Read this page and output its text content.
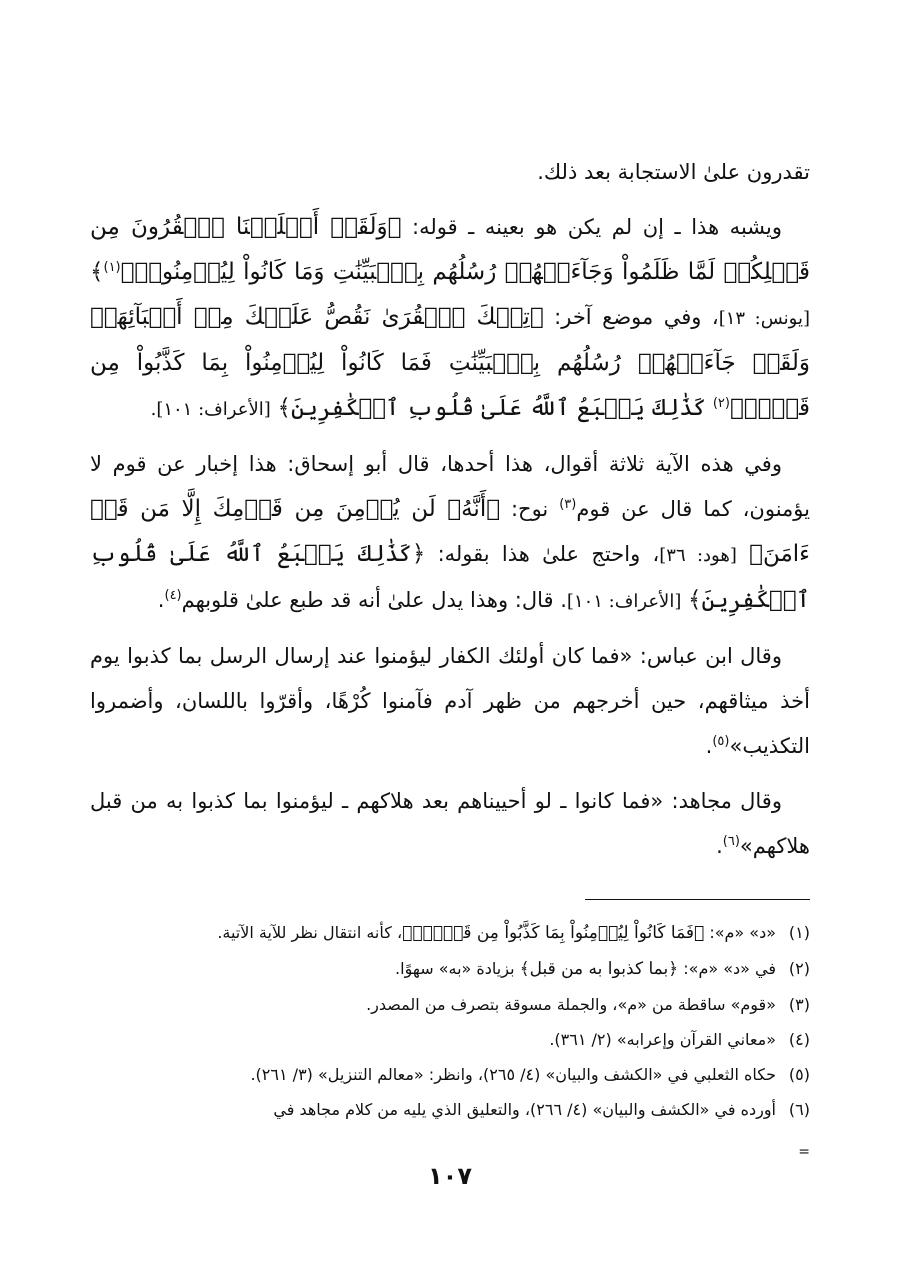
تقدرون علىٰ الاستجابة بعد ذلك.

ويشبه هذا ـ إن لم يكن هو بعينه ـ قوله: ﴿وَلَقَدۡ أَهۡلَكۡنَا ٱلۡقُرُونَ مِن قَبۡلِكُمۡ لَمَّا ظَلَمُواْ وَجَآءَتۡهُمۡ رُسُلُهُم بِٱلۡبَيِّنَٰتِ وَمَا كَانُواْ لِيُؤۡمِنُواْۚ$^{(١)}$﴾ [يونس: ١٣]، وفي موضع آخر: ﴿تِلۡكَ ٱلۡقُرَىٰ نَقُصُّ عَلَيۡكَ مِنۡ أَنۢبَآئِهَاۚ وَلَقَدۡ جَآءَتۡهُمۡ رُسُلُهُم بِٱلۡبَيِّنَٰتِ فَمَا كَانُواْ لِيُؤۡمِنُواْ بِمَا كَذَّبُواْ مِن قَبۡلُۚ$^{(٢)}$ كَذَٰلِكَ يَطۡبَعُ ٱللَّهُ عَلَىٰ قُلُوبِ ٱلۡكَٰفِرِينَ﴾ [الأعراف: ١٠١].

وفي هذه الآية ثلاثة أقوال، هذا أحدها، قال أبو إسحاق: هذا إخبار عن قوم لا يؤمنون، كما قال عن قوم$^{(٣)}$ نوح: ﴿أَنَّهُۥ لَن يُؤۡمِنَ مِن قَوۡمِكَ إِلَّا مَن قَدۡ ءَامَنَ﴾ [هود: ٣٦]، واحتج علىٰ هذا بقوله: ﴿كَذَٰلِكَ يَطۡبَعُ ٱللَّهُ عَلَىٰ قُلُوبِ ٱلۡكَٰفِرِينَ﴾ [الأعراف: ١٠١]. قال: وهذا يدل علىٰ أنه قد طبع علىٰ قلوبهم$^{(٤)}$.

وقال ابن عباس: «فما كان أولئك الكفار ليؤمنوا عند إرسال الرسل بما كذبوا يوم أخذ ميثاقهم، حين أخرجهم من ظهر آدم فآمنوا كُرْهًا، وأقرّوا باللسان، وأضمروا التكذيب»$^{(٥)}$.

وقال مجاهد: «فما كانوا ـ لو أحييناهم بعد هلاكهم ـ ليؤمنوا بما كذبوا به من قبل هلاكهم»$^{(٦)}$.

(١)
«د» «م»: ﴿فَمَا كَانُواْ لِيُؤۡمِنُواْ بِمَا كَذَّبُواْ مِن قَبۡلُۚ﴾، كأنه انتقال نظر للآية الآتية.
(٢)
في «د» «م»: ﴿بما كذبوا به من قبل﴾ بزيادة «به» سهوًا.
(٣)
«قوم» ساقطة من «م»، والجملة مسوقة بتصرف من المصدر.
(٤)
«معاني القرآن وإعرابه» (٢/ ٣٦١).
(٥)
حكاه الثعلبي في «الكشف والبيان» (٤/ ٢٦٥)، وانظر: «معالم التنزيل» (٣/ ٢٦١).
(٦)
أورده في «الكشف والبيان» (٤/ ٢٦٦)، والتعليق الذي يليه من كلام مجاهد في
=
١٠٧
